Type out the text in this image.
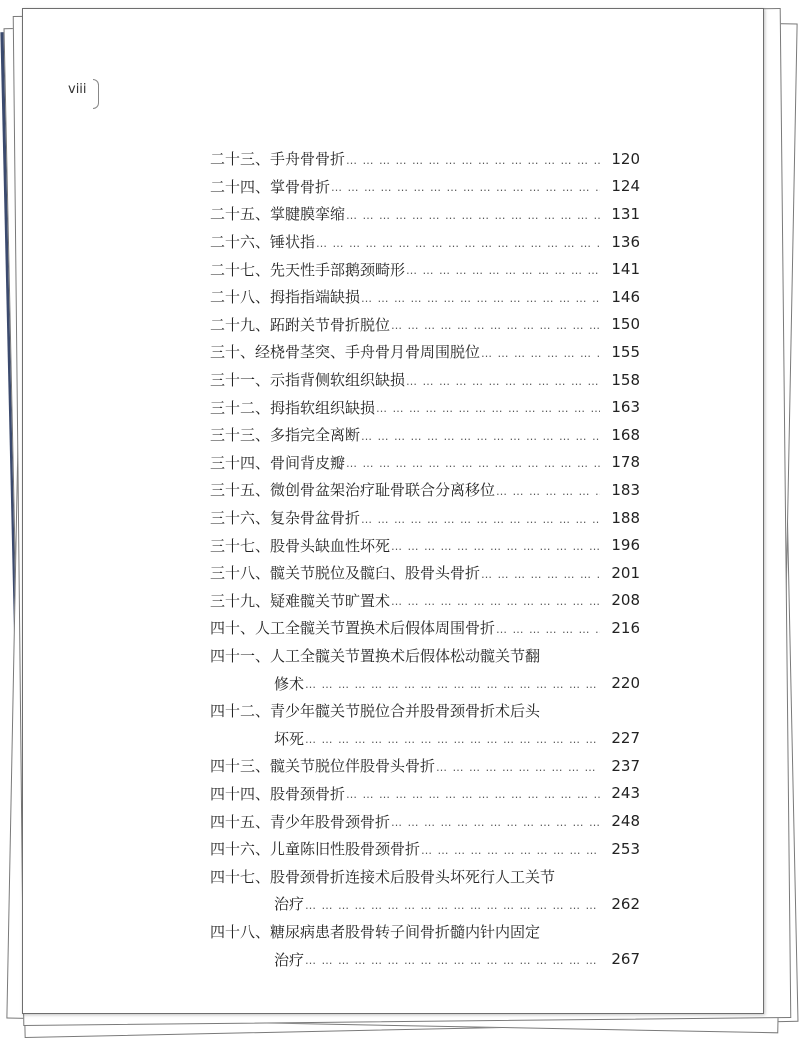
viii
二十三、 手舟骨骨折 … … … … … … … … … … … … … … … … … … … … … … … … … … … … … … … … … … … … … … … … … …	120
二十四、 掌骨骨折 … … … … … … … … … … … … … … … … … … … … … … … … … … … … … … … … … … … … … … … … … …	124
二十五、 掌腱膜挛缩 … … … … … … … … … … … … … … … … … … … … … … … … … … … … … … … … … … … … … … … … … …	131
二十六、 锤状指 … … … … … … … … … … … … … … … … … … … … … … … … … … … … … … … … … … … … … … … … … …	136
二十七、 先天性手部鹅颈畸形 … … … … … … … … … … … … … … … … … … … … … … … … … … … … … … … … … … … … … … … … … …	141
二十八、 拇指指端缺损 … … … … … … … … … … … … … … … … … … … … … … … … … … … … … … … … … … … … … … … … … …	146
二十九、 跖跗关节骨折脱位 … … … … … … … … … … … … … … … … … … … … … … … … … … … … … … … … … … … … … … … … … …	150
三十、 经桡骨茎突、手舟骨月骨周围脱位 … … … … … … … … … … … … … … … … … … … … … … … … … … … … … … … … … … … … … … … … … …	155
三十一、 示指背侧软组织缺损 … … … … … … … … … … … … … … … … … … … … … … … … … … … … … … … … … … … … … … … … … …	158
三十二、 拇指软组织缺损 … … … … … … … … … … … … … … … … … … … … … … … … … … … … … … … … … … … … … … … … … …	163
三十三、 多指完全离断 … … … … … … … … … … … … … … … … … … … … … … … … … … … … … … … … … … … … … … … … … …	168
三十四、 骨间背皮瓣 … … … … … … … … … … … … … … … … … … … … … … … … … … … … … … … … … … … … … … … … … …	178
三十五、 微创骨盆架治疗耻骨联合分离移位 … … … … … … … … … … … … … … … … … … … … … … … … … … … … … … … … … … … … … … … … … …	183
三十六、 复杂骨盆骨折 … … … … … … … … … … … … … … … … … … … … … … … … … … … … … … … … … … … … … … … … … …	188
三十七、 股骨头缺血性坏死 … … … … … … … … … … … … … … … … … … … … … … … … … … … … … … … … … … … … … … … … … …	196
三十八、 髋关节脱位及髋臼、股骨头骨折 … … … … … … … … … … … … … … … … … … … … … … … … … … … … … … … … … … … … … … … … … …	201
三十九、 疑难髋关节旷置术 … … … … … … … … … … … … … … … … … … … … … … … … … … … … … … … … … … … … … … … … … …	208
四十、 人工全髋关节置换术后假体周围骨折 … … … … … … … … … … … … … … … … … … … … … … … … … … … … … … … … … … … … … … … … … …	216
四十一、 人工全髋关节置换术后假体松动髋关节翻
修术 … … … … … … … … … … … … … … … … … … … … … … … … … … … … … … … … … … … … … … … … … …	220
四十二、 青少年髋关节脱位合并股骨颈骨折术后头
坏死 … … … … … … … … … … … … … … … … … … … … … … … … … … … … … … … … … … … … … … … … … …	227
四十三、 髋关节脱位伴股骨头骨折 … … … … … … … … … … … … … … … … … … … … … … … … … … … … … … … … … … … … … … … … … …	237
四十四、 股骨颈骨折 … … … … … … … … … … … … … … … … … … … … … … … … … … … … … … … … … … … … … … … … … …	243
四十五、 青少年股骨颈骨折 … … … … … … … … … … … … … … … … … … … … … … … … … … … … … … … … … … … … … … … … … …	248
四十六、 儿童陈旧性股骨颈骨折 … … … … … … … … … … … … … … … … … … … … … … … … … … … … … … … … … … … … … … … … … …	253
四十七、 股骨颈骨折连接术后股骨头坏死行人工关节
治疗 … … … … … … … … … … … … … … … … … … … … … … … … … … … … … … … … … … … … … … … … … …	262
四十八、 糖尿病患者股骨转子间骨折髓内针内固定
治疗 … … … … … … … … … … … … … … … … … … … … … … … … … … … … … … … … … … … … … … … … … …	267
